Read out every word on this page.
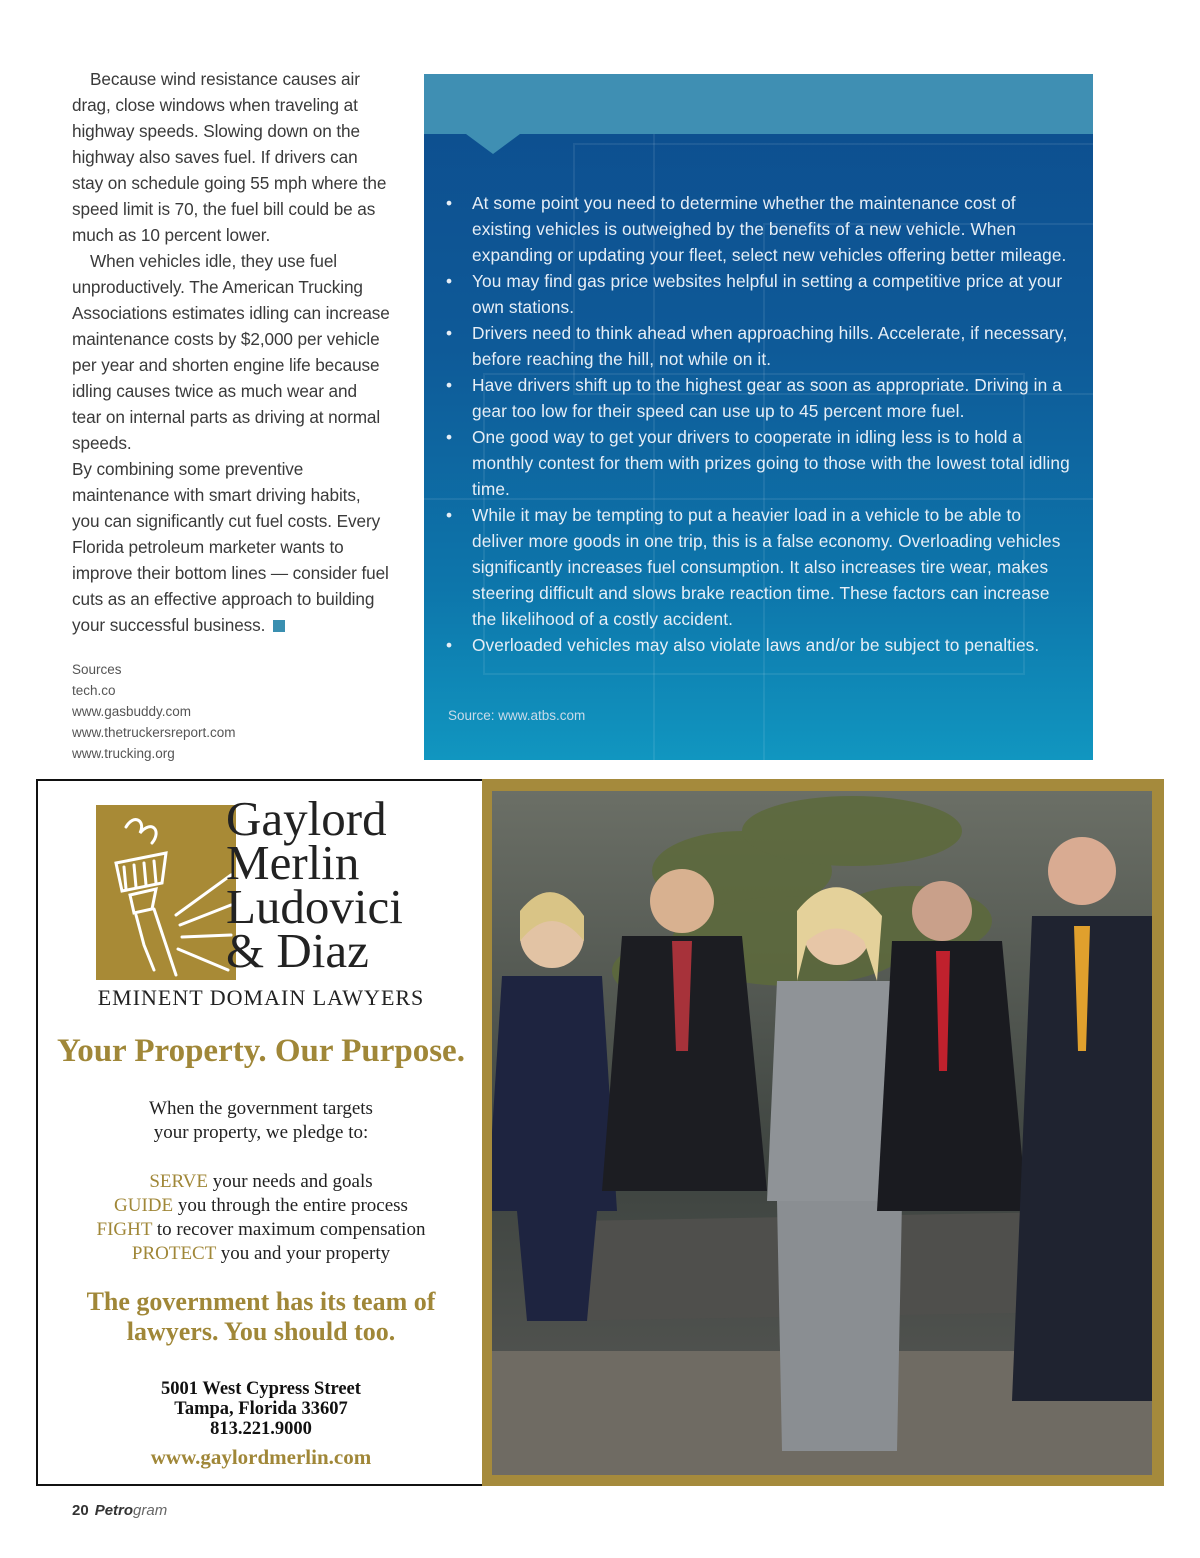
Because wind resistance causes air drag, close windows when traveling at highway speeds. Slowing down on the highway also saves fuel. If drivers can stay on schedule going 55 mph where the speed limit is 70, the fuel bill could be as much as 10 percent lower.

When vehicles idle, they use fuel unproductively. The American Trucking Associations estimates idling can increase maintenance costs by $2,000 per vehicle per year and shorten engine life because idling causes twice as much wear and tear on internal parts as driving at normal speeds.

By combining some preventive maintenance with smart driving habits, you can significantly cut fuel costs. Every Florida petroleum marketer wants to improve their bottom lines — consider fuel cuts as an effective approach to building your successful business.

Sources
tech.co
www.gasbuddy.com
www.thetruckersreport.com
www.trucking.org
• At some point you need to determine whether the maintenance cost of existing vehicles is outweighed by the benefits of a new vehicle. When expanding or updating your fleet, select new vehicles offering better mileage.
• You may find gas price websites helpful in setting a competitive price at your own stations.
• Drivers need to think ahead when approaching hills. Accelerate, if necessary, before reaching the hill, not while on it.
• Have drivers shift up to the highest gear as soon as appropriate. Driving in a gear too low for their speed can use up to 45 percent more fuel.
• One good way to get your drivers to cooperate in idling less is to hold a monthly contest for them with prizes going to those with the lowest total idling time.
• While it may be tempting to put a heavier load in a vehicle to be able to deliver more goods in one trip, this is a false economy. Overloading vehicles significantly increases fuel consumption. It also increases tire wear, makes steering difficult and slows brake reaction time. These factors can increase the likelihood of a costly accident.
• Overloaded vehicles may also violate laws and/or be subject to penalties.
Source: www.atbs.com
Gaylord
Merlin
Ludovici
& Diaz
EMINENT DOMAIN LAWYERS
Your Property. Our Purpose.
When the government targets
your property, we pledge to:
SERVE your needs and goals
GUIDE you through the entire process
FIGHT to recover maximum compensation
PROTECT you and your property
The government has its team of
lawyers. You should too.
5001 West Cypress Street
Tampa, Florida 33607
813.221.9000
www.gaylordmerlin.com
20 Petrogram
